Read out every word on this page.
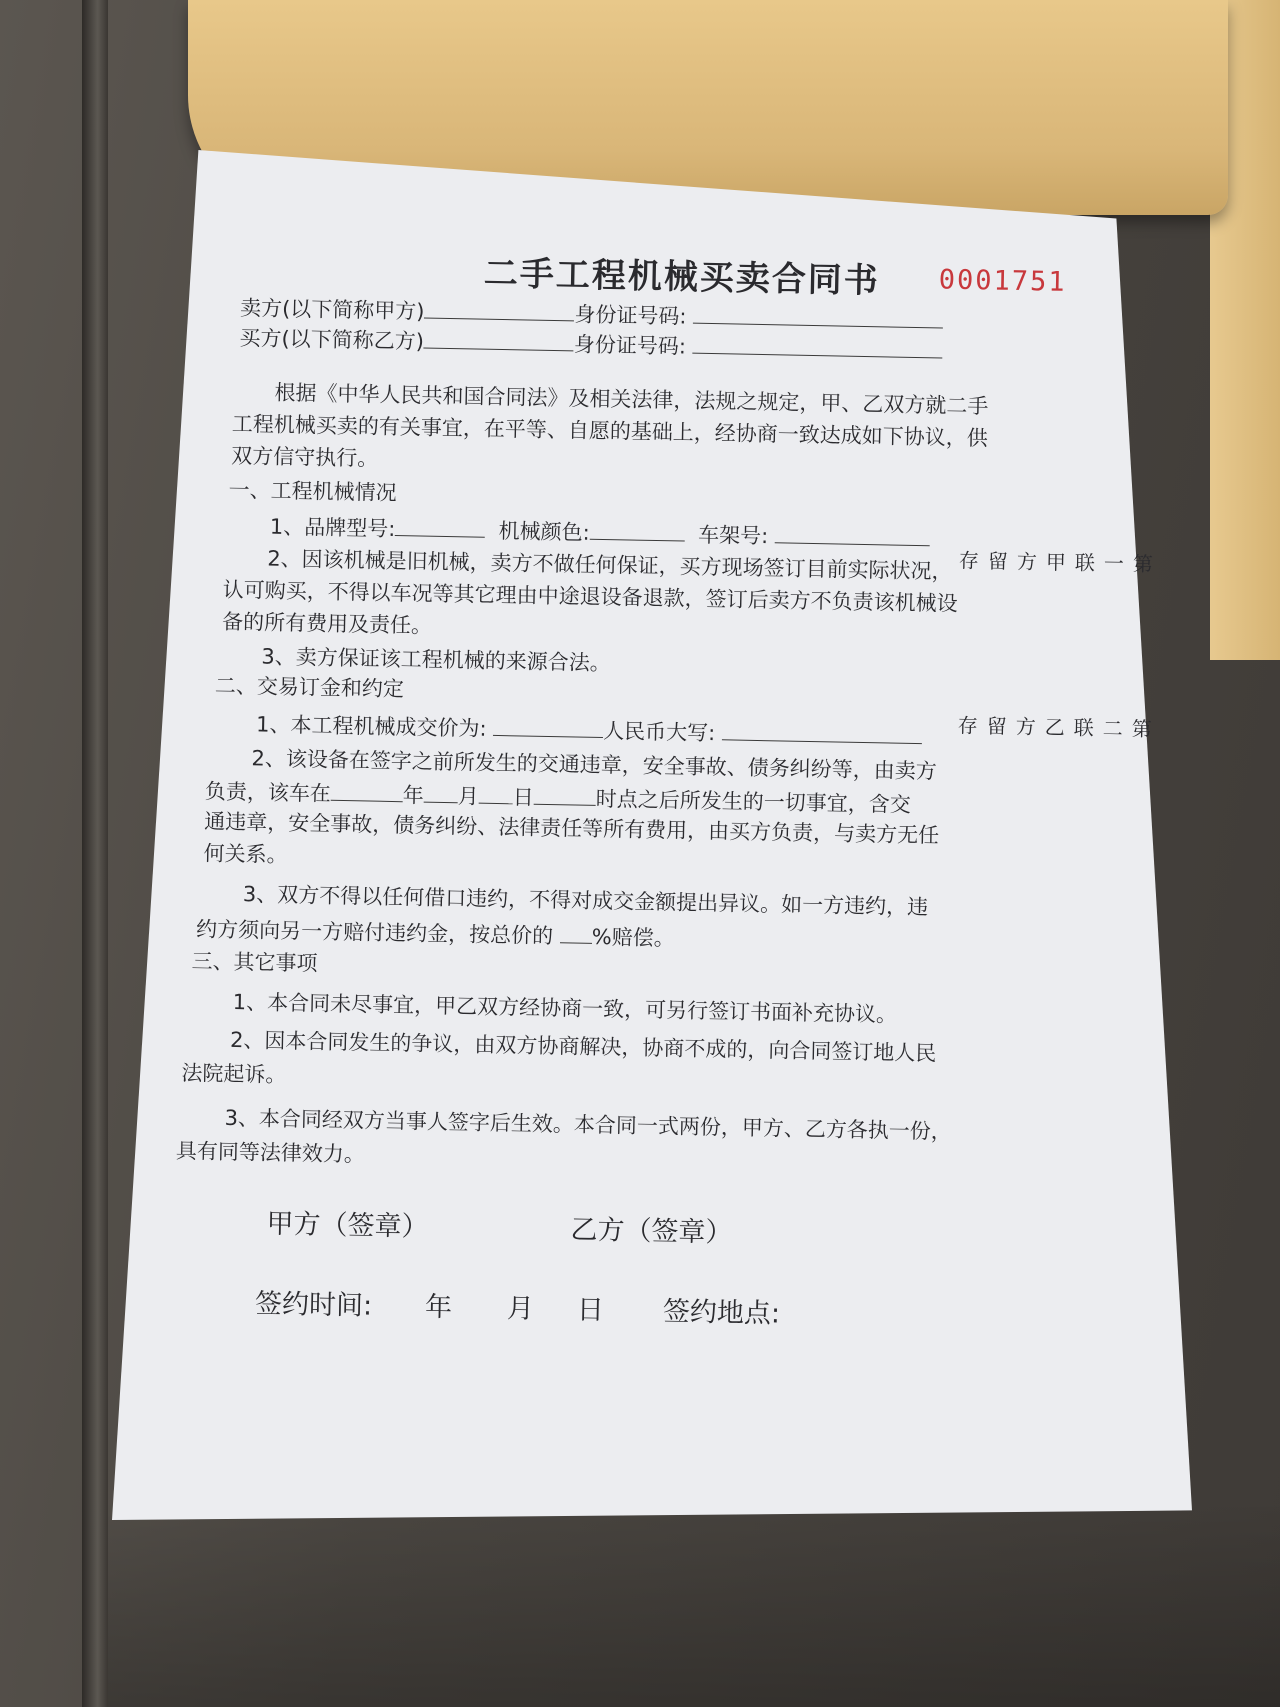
二手工程机械买卖合同书 0001751
卖方(以下简称甲方)	身份证号码:
买方(以下简称乙方)	身份证号码:
根据《中华人民共和国合同法》及相关法律，法规之规定，甲、乙双方就二手
工程机械买卖的有关事宜，在平等、自愿的基础上，经协商一致达成如下协议，供
双方信守执行。
一、工程机械情况
1、品牌型号:	机械颜色:	车架号:
2、因该机械是旧机械，卖方不做任何保证，买方现场签订目前实际状况，
认可购买，不得以车况等其它理由中途退设备退款，签订后卖方不负责该机械设
备的所有费用及责任。
3、卖方保证该工程机械的来源合法。
二、交易订金和约定
1、本工程机械成交价为:	人民币大写:
2、该设备在签字之前所发生的交通违章，安全事故、债务纠纷等，由卖方
负责，该车在	年 月 日	时点之后所发生的一切事宜，含交
通违章，安全事故，债务纠纷、法律责任等所有费用，由买方负责，与卖方无任
何关系。
3、双方不得以任何借口违约，不得对成交金额提出异议。如一方违约，违
约方须向另一方赔付违约金，按总价的 %赔偿。
三、其它事项
1、本合同未尽事宜，甲乙双方经协商一致，可另行签订书面补充协议。
2、因本合同发生的争议，由双方协商解决，协商不成的，向合同签订地人民
法院起诉。
3、本合同经双方当事人签字后生效。本合同一式两份，甲方、乙方各执一份，
具有同等法律效力。
甲方（签章）	乙方（签章）
签约时间: 年 月 日 签约地点:
第一联甲方留存
第二联乙方留存
